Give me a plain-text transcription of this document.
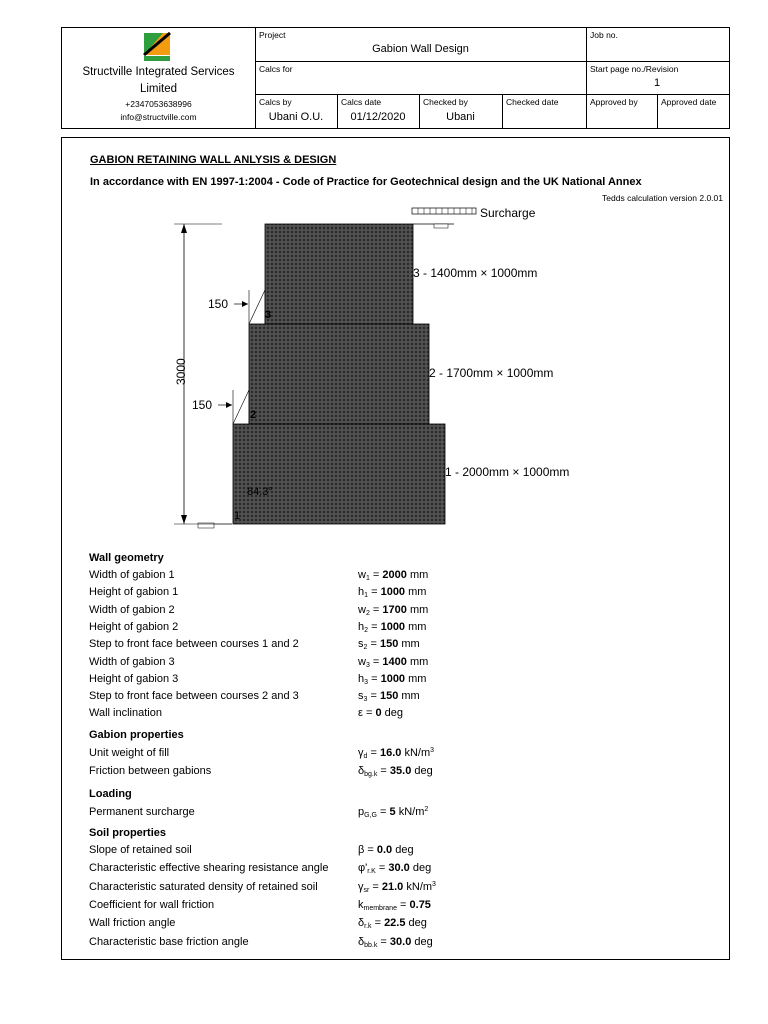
Structville Integrated Services
Limited
+2347053638996
info@structville.com
Project
Gabion Wall Design
Job no.
Calcs for	Start page no./Revision
1
Calcs by
Ubani O.U.
Calcs date
01/12/2020
Checked by
Ubani
Checked date	Approved by	Approved date
GABION RETAINING WALL ANLYSIS & DESIGN
In accordance with EN 1997-1:2004 - Code of Practice for Geotechnical design and the UK National Annex
Tedds calculation version 2.0.01
Surcharge
3000
150
3
150
2
84.3°
1
3 - 1400mm × 1000mm
2 - 1700mm × 1000mm
1 - 2000mm × 1000mm
Wall geometry
Width of gabion 1	$w_1 = 2000$ mm
Height of gabion 1	$h_1 = 1000$ mm
Width of gabion 2	$w_2 = 1700$ mm
Height of gabion 2	$h_2 = 1000$ mm
Step to front face between courses 1 and 2	$s_2 = 150$ mm
Width of gabion 3	$w_3 = 1400$ mm
Height of gabion 3	$h_3 = 1000$ mm
Step to front face between courses 2 and 3	$s_3 = 150$ mm
Wall inclination	ε = 0 deg
Gabion properties
Unit weight of fill	$\gamma_d = 16.0$ $kN/m^3$
Friction between gabions	$\delta_{bg.k} = 35.0$ deg
Loading
Permanent surcharge	$p_{G,G} = 5$ $kN/m^2$
Soil properties
Slope of retained soil	β = 0.0 deg
Characteristic effective shearing resistance angle	$\varphi'_{r.K} = 30.0$ deg
Characteristic saturated density of retained soil	$\gamma_{sr} = 21.0$ $kN/m^3$
Coefficient for wall friction	$k_{membrane} = 0.75$
Wall friction angle	$\delta_{r.k} = 22.5$ deg
Characteristic base friction angle	$\delta_{bb.k} = 30.0$ deg
